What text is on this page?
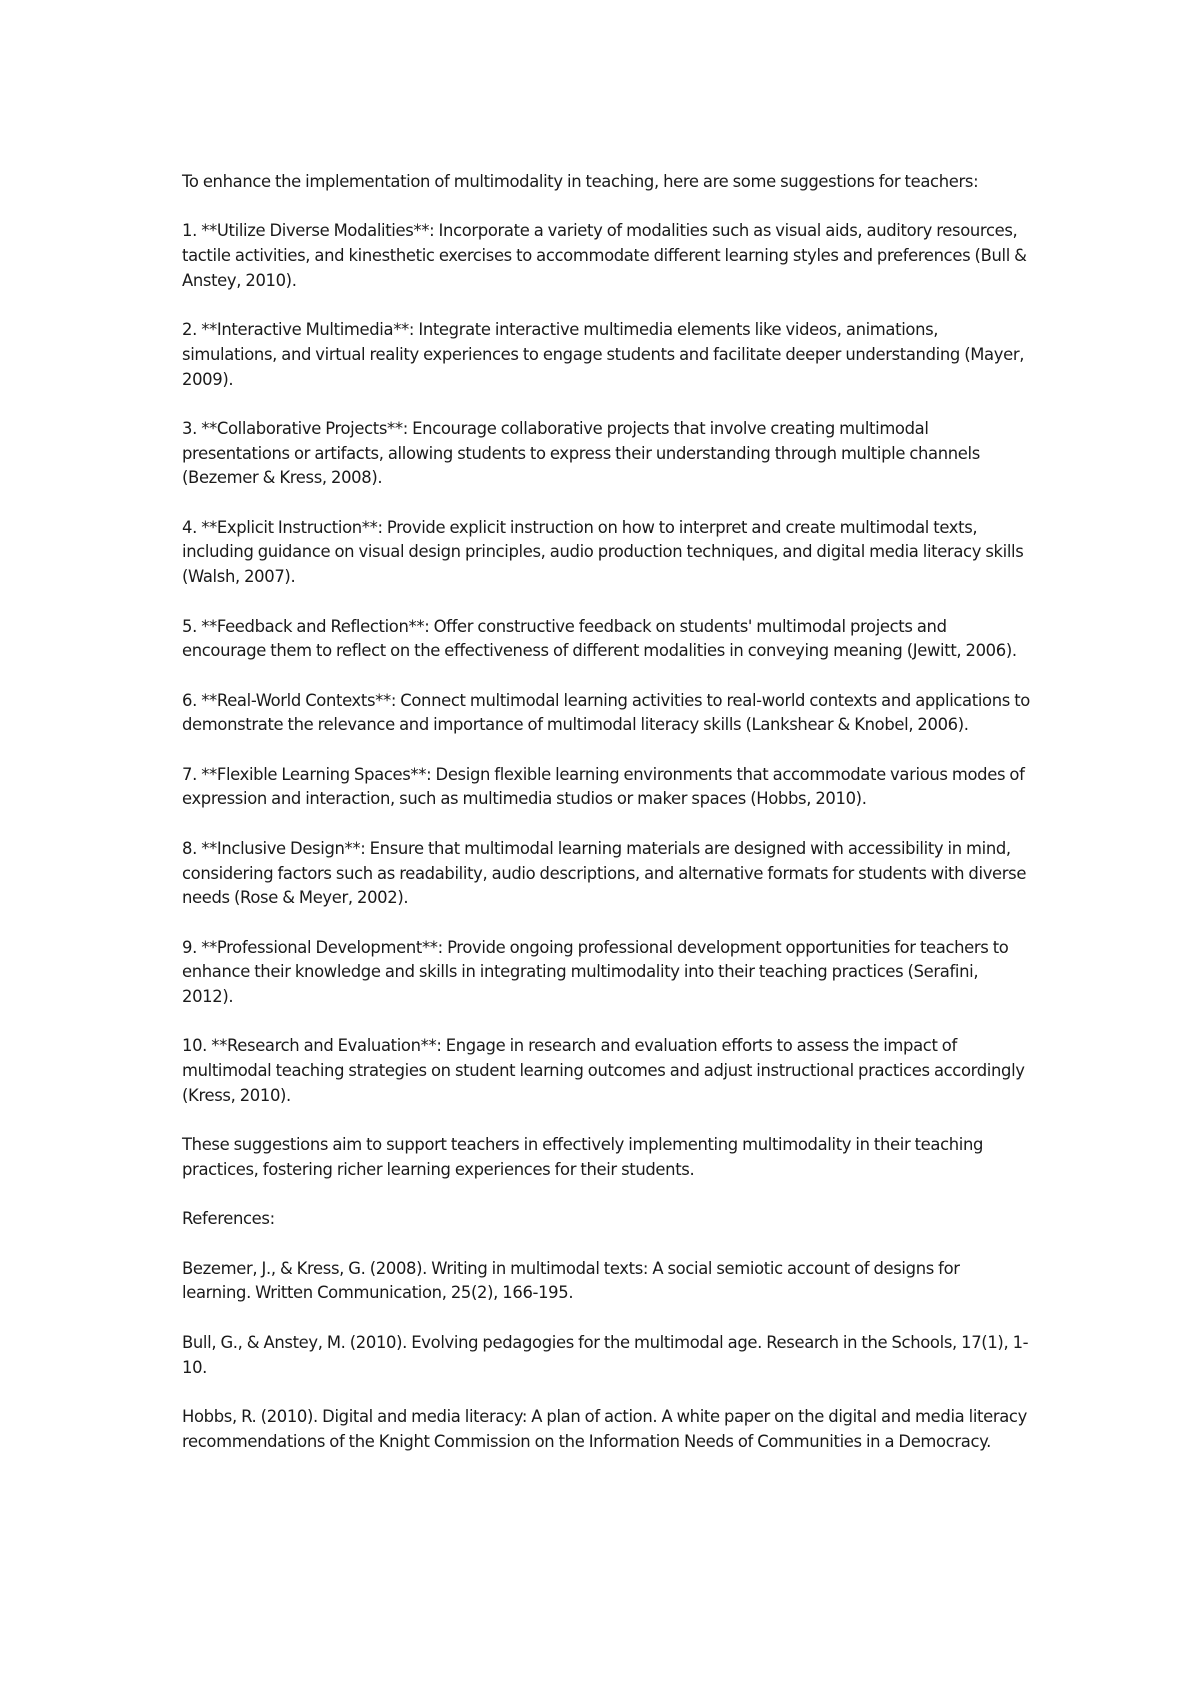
To enhance the implementation of multimodality in teaching, here are some suggestions for teachers:

1. **Utilize Diverse Modalities**: Incorporate a variety of modalities such as visual aids, auditory resources, tactile activities, and kinesthetic exercises to accommodate different learning styles and preferences (Bull & Anstey, 2010).

2. **Interactive Multimedia**: Integrate interactive multimedia elements like videos, animations, simulations, and virtual reality experiences to engage students and facilitate deeper understanding (Mayer, 2009).

3. **Collaborative Projects**: Encourage collaborative projects that involve creating multimodal presentations or artifacts, allowing students to express their understanding through multiple channels (Bezemer & Kress, 2008).

4. **Explicit Instruction**: Provide explicit instruction on how to interpret and create multimodal texts, including guidance on visual design principles, audio production techniques, and digital media literacy skills (Walsh, 2007).

5. **Feedback and Reflection**: Offer constructive feedback on students' multimodal projects and encourage them to reflect on the effectiveness of different modalities in conveying meaning (Jewitt, 2006).

6. **Real-World Contexts**: Connect multimodal learning activities to real-world contexts and applications to demonstrate the relevance and importance of multimodal literacy skills (Lankshear & Knobel, 2006).

7. **Flexible Learning Spaces**: Design flexible learning environments that accommodate various modes of expression and interaction, such as multimedia studios or maker spaces (Hobbs, 2010).

8. **Inclusive Design**: Ensure that multimodal learning materials are designed with accessibility in mind, considering factors such as readability, audio descriptions, and alternative formats for students with diverse needs (Rose & Meyer, 2002).

9. **Professional Development**: Provide ongoing professional development opportunities for teachers to enhance their knowledge and skills in integrating multimodality into their teaching practices (Serafini, 2012).

10. **Research and Evaluation**: Engage in research and evaluation efforts to assess the impact of multimodal teaching strategies on student learning outcomes and adjust instructional practices accordingly (Kress, 2010).

These suggestions aim to support teachers in effectively implementing multimodality in their teaching practices, fostering richer learning experiences for their students.

References:

Bezemer, J., & Kress, G. (2008). Writing in multimodal texts: A social semiotic account of designs for learning. Written Communication, 25(2), 166-195.

Bull, G., & Anstey, M. (2010). Evolving pedagogies for the multimodal age. Research in the Schools, 17(1), 1-10.

Hobbs, R. (2010). Digital and media literacy: A plan of action. A white paper on the digital and media literacy recommendations of the Knight Commission on the Information Needs of Communities in a Democracy.
